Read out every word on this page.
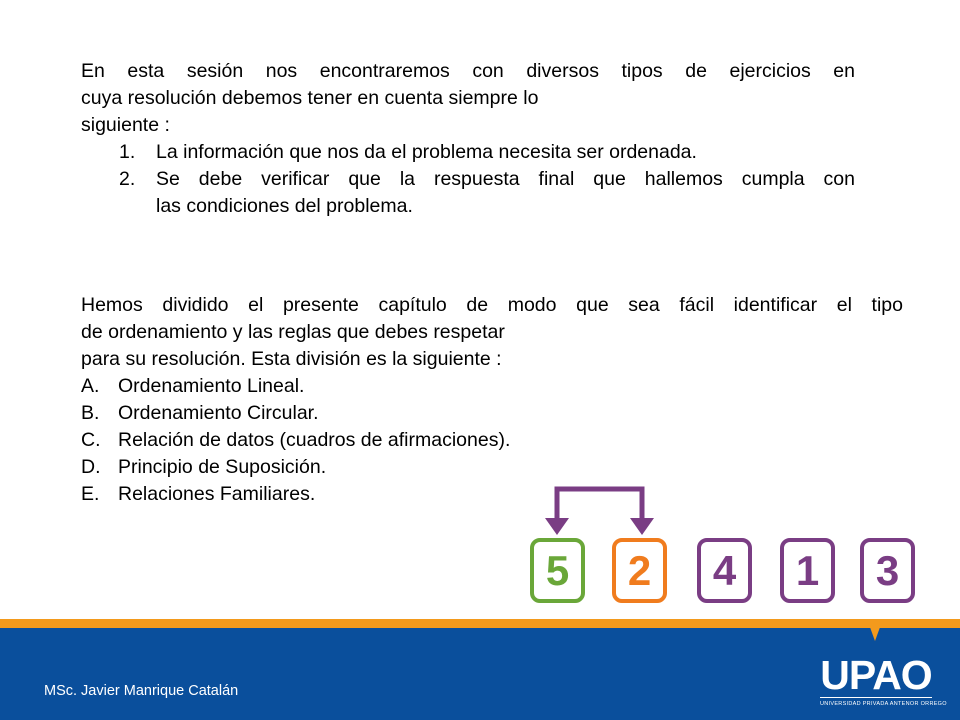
En esta sesión nos encontraremos con diversos tipos de ejercicios en
cuya resolución debemos tener en cuenta siempre lo
siguiente :
1. La información que nos da el problema necesita ser ordenada.
2. Se debe verificar que la respuesta final que hallemos cumpla con
las condiciones del problema.
Hemos dividido el presente capítulo de modo que sea fácil identificar el tipo
de ordenamiento y las reglas que debes respetar
para su resolución. Esta división es la siguiente :
A. Ordenamiento Lineal.
B. Ordenamiento Circular.
C. Relación de datos (cuadros de afirmaciones).
D. Principio de Suposición.
E. Relaciones Familiares.
5 2 4 1 3
MSc. Javier Manrique Catalán	UPAO
UNIVERSIDAD PRIVADA ANTENOR ORREGO
